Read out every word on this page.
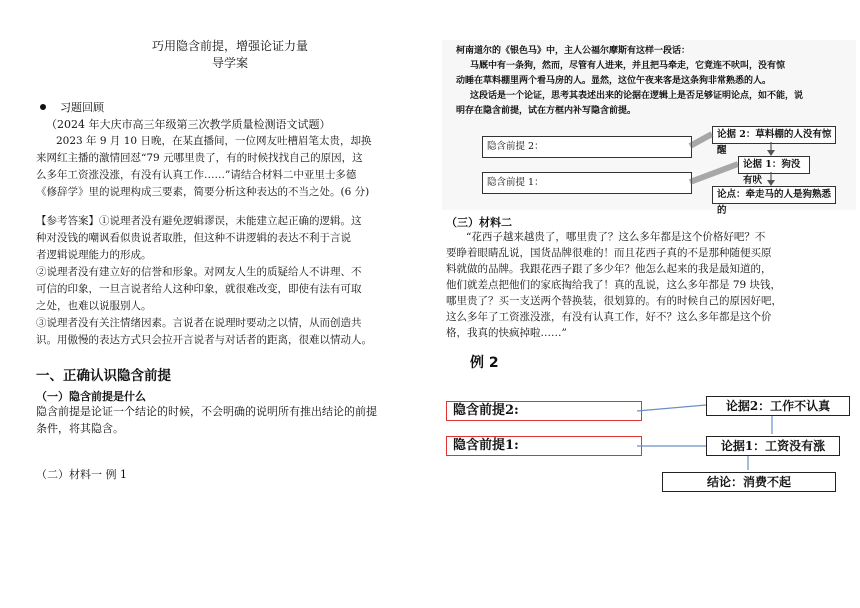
巧用隐含前提，增强论证力量
导学案
习题回顾
（2024 年大庆市高三年级第三次教学质量检测语文试题）
2023 年 9 月 10 日晚，在某直播间，一位网友吐槽眉笔太贵，却换
来网红主播的激情回怼“79 元哪里贵了，有的时候找找自己的原因，这
么多年工资涨没涨，有没有认真工作……”请结合材料二中亚里士多德
《修辞学》里的说理构成三要素，简要分析这种表达的不当之处。(6 分)
【参考答案】①说理者没有避免逻辑谬误，未能建立起正确的逻辑。这
种对没钱的嘲讽看似贵说者取胜，但这种不讲逻辑的表达不利于言说
者逻辑说理能力的形成。
②说理者没有建立好的信誉和形象。对网友人生的质疑给人不讲理、不
可信的印象，一旦言说者给人这种印象，就很难改变，即使有法有可取
之处，也难以说服别人。
③说理者没有关注情绪因素。言说者在说理时要动之以情，从而创造共
识。用傲慢的表达方式只会拉开言说者与对话者的距离，很难以情动人。
一、正确认识隐含前提
（一）隐含前提是什么
隐含前提是论证一个结论的时候，不会明确的说明所有推出结论的前提
条件，将其隐含。
（二）材料一 例 1

柯南道尔的《银色马》中，主人公福尔摩斯有这样一段话：

马厩中有一条狗，然而，尽管有人进来，并且把马牵走，它竟连不吠叫，没有惊

动睡在草料棚里两个看马房的人。显然，这位午夜来客是这条狗非常熟悉的人。

这段话是一个论证，思考其表述出来的论据在逻辑上是否足够证明论点，如不能，说

明存在隐含前提，试在方框内补写隐含前提。

隐含前提 2：
隐含前提 1：
论据 2：草料棚的人没有惊醒
论据 1：狗没有吠
论点：牵走马的人是狗熟悉的
（三）材料二
“花西子越来越贵了，哪里贵了？这么多年都是这个价格好吧？不
要睁着眼睛乱说，国货品牌很难的！而且花西子真的不是那种随便买原
料就做的品牌。我跟花西子跟了多少年？他怎么起来的我是最知道的，
他们就差点把他们的家底掏给我了！真的乱说，这么多年都是 79 块钱，
哪里贵了？买一支送两个替换装，很划算的。有的时候自己的原因好吧，
这么多年了工资涨没涨，有没有认真工作，好不？这么多年都是这个价
格，我真的快疯掉啦……”
例 2
隐含前提2:
隐含前提1:
论据2：工作不认真
论据1：工资没有涨
结论：消费不起
